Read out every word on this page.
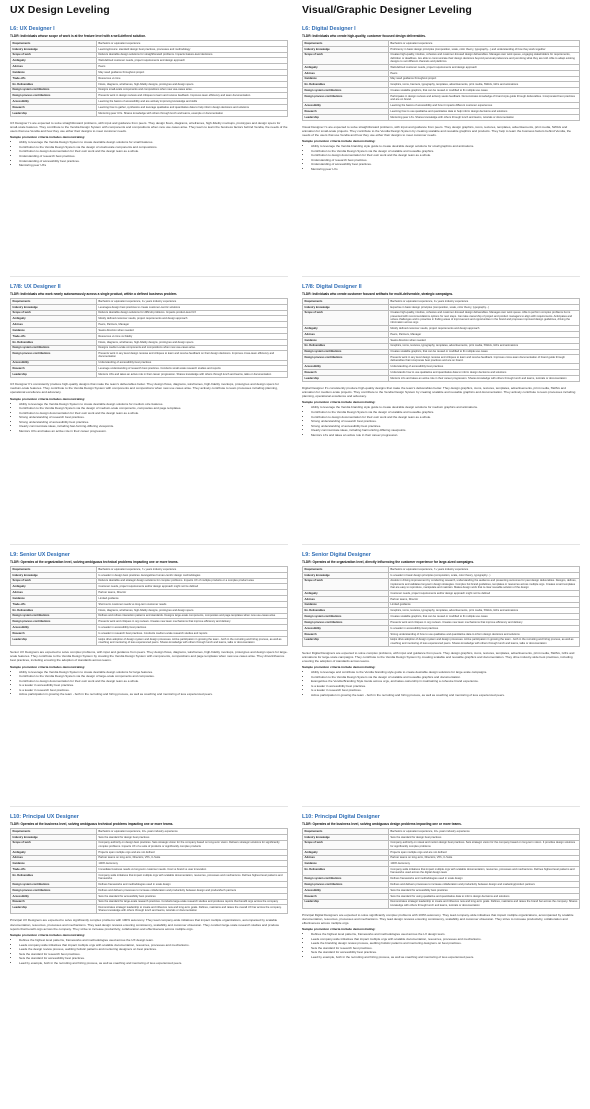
UX Design Leveling
L6: UX Designer I
TLDR: Individuals whose scope of work is at the feature level with a well-defined solution.
Requirements	Bachelors or equivalent experience
Industry knowledge	Learning/novice: standard design best practices, processes and methodology
Scope of work	Delivers desirable design solutions for straightforward problems. Impacts feature-level decisions.
Ambiguity	Well-defined customer needs, project requirements and design approach
Advises	Peers
Guidance	May need guidance throughout project
Trade-offs	Resources vs time
Ex. Deliverables	Flows, diagrams, wireframes, high-fidelity designs, prototypes and design specs.
Design system contributions	Designs small-scale components and compositions when new use-cases arise.
Design process contributions	Presents work in design reviews and critiques to learn and receive feedback. Improves team efficiency and team documentation.
Accessibility	Learning the basics of accessibility and are actively improving knowledge and skills
Research	Learning how to gather, synthesize and leverage qualitative and quantitative data to help inform design decisions and solutions
Leadership	Mentoring peer UXs. Shares knowledge with others through lunch and learns, example or documentation
UX Designer I's are expected to solve straightforward problems, with input and guidance from peers. They design flows, diagrams, wireframes, high-fidelity mockups, prototypes and design specs for small-scale features. They contribute to the Vendia Design System with components and compositions when new use cases arise. They learn to learn the business factors behind Vendia, the needs of the users that use Vendia and how they use either their designs to meet customer needs.
Sample promotion criteria includes demonstrating:
• Ability to leverage the Vendia Design System to create desirable design solutions for small features.
• Contribution to the Vendia Design System via the design of small-scale components and compositions.
• Contribution to design documentation for their own work and the design team as a whole.
• Understanding of research best practices.
• Understanding of accessibility best practices.
• Mentoring peer UXs
L7/8: UX Designer II
TLDR: Individuals who work nearly autonomously across a single product, within a defined business problem.
Requirements	Bachelors or equivalent experience, 3+ years industry experience
Industry knowledge	Leverages design best practices to create customer-centric solutions
Scope of work	Delivers desirable design solutions for difficult problems. Impacts product-level UX
Ambiguity	Mostly defined customer needs, project requirements and design approach
Advises	Peers, Partners, Manager
Guidance	Seeks direction when needed
Trade-offs	Resources vs time vs fidelity
Ex. Deliverables	Flows, diagrams, wireframes, high-fidelity designs, prototypes and design specs.
Design system contributions	Designs medium-scale components and compositions when new use-cases arise.
Design process contributions	Presents work in any level design reviews and critiques to learn and receive feedback on their design decisions. Improves cross-team efficiency and documentation
Accessibility	Understanding of accessibility best practices
Research	Leverage understanding of research best practices. Conducts small-scale research studies and reports
Leadership	Mentors UXs and takes an active role in their career progression. Shares knowledge with others through lunch and learns, talks or documentation
UX Designer II's consistently produce high-quality designs that make the team's deliverables better. They design flows, diagrams, wireframes, high-fidelity mockups, prototypes and design specs for medium-scale features. They contribute to the Vendia Design System with components and compositions when new use cases arise. They actively contribute to team processes including planning, operational excellence and advocacy.
Sample promotion criteria includes demonstrating:
• Ability to leverage the Vendia Design System to create desirable design solutions for medium size features.
• Contribution to the Vendia Design System via the design of medium-scale components, composites and page templates.
• Contribution to design documentation for their own work and the design team as a whole.
• Strong understanding of research best practices.
• Strong understanding of accessibility best practices.
• Clearly communicate ideas, including fast-forming-differing viewpoints.
• Mentors UXs and takes an active role in their career progression.
L9: Senior UX Designer
TLDR: Operates at the organization level, solving ambiguous technical problems impacting one or more teams.
Requirements	Bachelors or equivalent experience, 7+ years industry experience
Industry knowledge	Is a leader in design best practices. Evangelizes human-centric design methodologies
Scope of work	Delivers desirable and strategic design solutions for complex problems. Impacts UX of multiple products or a complex product area
Ambiguity	Customer needs, project requirements and/or design approach might not be defined
Advises	Partner teams, Director
Guidance	Limited guidance
Trade-offs	Short-term customer needs vs long-term customer needs
Ex. Deliverables	Flows, diagrams, wireframes, high-fidelity designs, prototypes and design specs.
Design system contributions	Defines and refines interaction patterns and standards. Designs large-scale components, composites and page templates when new use-cases arise
Design process contributions	Presents work and critiques in org reviews. Creates new team mechanisms that improve efficiency and delivery
Accessibility	Is a leader in accessibility best practices
Research	Is a leader in research best practices. Conducts medium-scale research studies and reports
Leadership	Helps drive adoption of design system and design processes. Active participation in growing the team - both in the recruiting and hiring process, as well as coaching and mentoring of less experienced peers. Shares knowledge with others through lunch and learns, talks or documentation
Senior UX Designers are expected to solve complex problems, with input and guidance from peers. They design flows, diagrams, wireframes, high-fidelity mockups, prototypes and design specs for large-scale features. They contribute to the Vendia Design System by creating the Vendia Design System with components, compositions and page templates when new use cases arise. They drive/influence best practices, including ensuring the adoption of standards across teams.
Sample promotion criteria includes demonstrating:
• Ability to leverage the Vendia Design System to create desirable design solutions for large features.
• Contribution to the Vendia Design System via the design of large-scale components and composites.
• Contribution to design documentation for their own work and the design team as a whole.
• Is a leader in accessibility best practices.
• Is a leader in research best practices.
• Active participation in growing the team - both in the recruiting and hiring process, as well as coaching and mentoring of less experienced peers.
L10: Principal UX Designer
TLDR: Operates at the business level, solving ambiguous technical problems impacting one or more teams.
Requirements	Bachelors or equivalent experience, 10+ years industry experience
Industry knowledge	Sets the standard for design best practices
Scope of work	Company authority on design best practices. Sets strategic vision for the company based on long-term vision. Delivers strategic solutions for significantly complex problems. Impacts UX of a suite of products or significantly complex products
Ambiguity	Projects span multiple orgs and are not defined
Advises	Partner teams on long-term, Directors, VPs, C-Suite
Guidance	100% Autonomy
Trade-offs	Immediate business needs vs long-term customer needs. Cost vs brand vs user innovation
Ex. Deliverables	Company-wide initiatives that impact multiple orgs with scalable documentation, resources, processes and mechanisms. Defines highest level patterns and frameworks
Design system contributions	Defines frameworks and methodologies used in scale design
Design process contributions	Defines and delivers processes to increase collaboration and productivity between design and product/tech partners
Accessibility	Sets the standard for accessibility best practices
Research	Sets the standard for large-scale research practices. Conducts large-scale research studies and produces reports that benefit orgs across the company
Leadership	Demonstrates strategic leadership to create and influence new and long-term goals. Defines, maintains and raises the overall UX bar across the company. Shares knowledge with others through lunch and learns, tutorials or documentation
Principal UX Designers are expected to solve significantly complex problems with 100% autonomy. They lead company-wide initiatives that impact multiple organizations, accompanied by scalable documentation, resources, processes and mechanisms. They lead design reviews ensuring consistency, scalability and customer obsession. They conduct large-scale research studies and produce reports that benefit orgs across the company. They strive to increase productivity, collaboration and effectiveness across multiple orgs.
Sample promotion criteria includes demonstrating:
• Defines the highest level patterns, frameworks and methodologies used across the UX design team.
• Leads company-wide initiatives that impact multiple orgs with scalable documentation, resources, processes and mechanisms.
• Leads the design review process, auditing holistic patterns and mentoring designers on best practices.
• Sets the standard for research best practices.
• Sets the standard for accessibility best practices.
• Lead by example, both in the recruiting and hiring process, as well as coaching and mentoring of less experienced peers.
Visual/Graphic Designer Leveling
L6: Digital Designer I
TLDR: Individuals who create high-quality, customer focused design deliverables.
Requirements	Bachelors or equivalent experience
Industry knowledge	Proficiency in basic design principles (composition, scale, color theory, typography...) and understanding of how they work together
Scope of work	Creates high-quality, intuitive, cohesive and customer-focused design deliverables. Manages own work queue, engaging stakeholders for requirements, definition or deadlines. Are able to communicate their design decisions beyond personal preference and just doing what they are told. Able to adapt existing designs to suit different channels and platforms.
Ambiguity	Well-defined customer needs, project requirements and design approach
Advises	Peers
Guidance	May need guidance throughout project
Ex. Deliverables	Graphics, icons, banners, typography, templates, advertisements, print media, SWAG, GIFs and animations
Design system contributions	Creates scalable graphics, that can be reused or modified to fit multiple use cases
Design process contributions	Participates in design reviews and actively seeks feedback. Demonstrates knowledge of brand style guide through deliverables. Incorporated best practices and are on brand.
Accessibility	Learning the basics of accessibility and how it impacts different customer experiences
Research	Learning how to use qualitative and quantitative data to help inform design decisions and solutions
Leadership	Mentoring peer LXs. Shares knowledge with others through lunch and learns, tutorials or documentation
Visual Designer I's are expected to solve straightforward problems, with input and guidance from peers. They design graphics, icons, textures, templates, advertisements, print media, SWAG and animation for small-scale projects. They contribute to the Vendia Design System by creating scalable and reusable graphics and products. They help to learn the business factors behind Vendia, the needs of the users that use Vendia and how they use either their designs to meet customer needs.
Sample promotion criteria include demonstrating:
• Ability to leverage the Vendia branding style guide to create desirable design solutions for small graphics and animations.
• Contribution to the Vendia Design System via the design of scalable and reusable graphics.
• Contribution to design documentation for their own work and the design team as a whole.
• Understanding of research best practices.
• Understanding of accessibility best practices.
• Mentoring peer LXs
L7/8: Digital Designer II
TLDR: Individuals who create customer focused artifacts for multi-deliverable, strategic campaigns.
Requirements	Bachelors or equivalent experience, 3+ years industry experience
Industry knowledge	Expertise in basic design principles (composition, scale, color theory, typography...)
Scope of work	Creates high-quality, intuitive, cohesive and customer-focused design deliverables. Manages own work queue. Able to perform complex problems but is presented with recommendations options for next steps. Can take ownership of project and product managers to align with requirements. Anticipates and solves challenges and is proactive in finding areas of improvement and opportunities in the brand and proposes improved design guidelines, driving the information across orgs
Ambiguity	Mostly defined customer needs, project requirements and design approach
Advises	Peers, Partners, Manager
Guidance	Seeks direction when needed
Ex. Deliverables	Graphics, icons, textures, typography, templates, advertisements, print media, SWAG, GIFs and animations
Design system contributions	Creates scalable graphics, that can be reused or modified to fit multiple use cases
Design process contributions	Presents work in any level design reviews and critiques to learn and receive feedback. Improves cross-team documentation of brand guide through deliverables that incorporate best practices and are on brand.
Accessibility	Understanding of accessibility best practices
Research	Understands how to use qualitative and quantitative data to inform design decisions and solutions
Leadership	Mentors LXs and takes an active role in their career progression. Shares knowledge with others through lunch and learns, tutorials or documentation
Digital Designer II's consistently produce high-quality designs that make the team's deliverables better. They design graphics, icons, textures, templates, advertisements, print media, SWAG and animation for medium-scale projects. They contribute to the Vendia Design System by creating scalable and reusable graphics and documentation. They actively contribute to team processes including planning, operational excellence and advocacy.
Sample promotion criteria include demonstrating:
• Ability to leverage the Vendia branding style guide to create desirable design solutions for medium graphics and animations.
• Contribution to the Vendia Design System via the design of scalable and reusable graphics.
• Contribution to design documentation for their own work and the design team as a whole.
• Strong understanding of research best practices.
• Strong understanding of accessibility best practices.
• Clearly communicate ideas, including harmonizing differing viewpoints.
• Mentors LXs and takes an active role in their career progression.
L9: Senior Digital Designer
TLDR: Operates at the organization level, directly influencing the customer experience for large-sized campaigns.
Requirements	Bachelors or equivalent experience, 7+ years industry experience
Industry knowledge	Is a leader in basic design principles (composition, scale, color theory, typography...)
Scope of work	Assists in driving improvement by conducting research, understanding the audience and presenting outcomes for past design deliverables. Designs, defines, implements and validates long-term design strategies. Complex but brand guidelines, templates or resources across multiple orgs. Creates smart templates that are easy to reproduce, manipulate and maintain. Makes design work that is clear reusable solution of the design
Ambiguity	Customer needs, project requirements and/or design approach might not be defined
Advises	Partner teams, Director
Guidance	Limited guidance
Ex. Deliverables	Graphics, icons, textures, typography, templates, advertisements, print media, SWAG, GIFs and animations
Design system contributions	Creates scalable graphics, that can be reused or modified to fit multiple use cases
Design process contributions	Presents work and critiques in org reviews. Creates new team mechanisms that improve efficiency and delivery
Accessibility	Is a leader in accessibility best practices
Research	Strong understanding of how to use qualitative and quantitative data to inform design decisions and solutions
Leadership	Helps drive adoption of design system and design processes. Active participation in growing the team - both in the recruiting and hiring process, as well as coaching and mentoring of less experienced peers. Shares knowledge with others through lunch and learns, talks or documentation
Senior Digital Designers are expected to solve complex problems, with input and guidance from peers. They design graphics, icons, textures, templates, advertisements, print media, SWAG, GIFs and animations for large-scale campaigns. They contribute to the Vendia Design System by creating scalable and reusable graphics and documentation. They drive industry-wide best practices, including ensuring the adoption of standards across teams.
Sample promotion criteria include demonstrating:
• Ability to leverage and contribute to the Vendia branding style guide to create desirable design solutions for large-scale campaigns.
• Contribution to the Vendia Design System via the design of scalable and reusable graphics and documentation.
• Evangelizes the Vendia Branding Style Guide across orgs, and takes ownership in maintaining a cohesive brand experience.
• Is a leader in accessibility best practices.
• Is a leader in research best practices.
• Active participation in growing the team - both in the recruiting and hiring process, as well as coaching and mentoring of less experienced peers.
L10: Principal Digital Designer
TLDR: Operates at the business level, solving ambiguous design problems impacting one or more teams.
Requirements	Bachelors or equivalent experience, 10+ years industry experience
Industry knowledge	Sets the standard for design best practices
Scope of work	Company authority on visual and motion design best practices. Sets strategic vision for the company based on long-term vision. It provides design solutions for significantly complex problems
Ambiguity	Projects span multiple orgs and are not defined
Advises	Partner teams on long-term, Directors, VPs, C-Suite
Guidance	100% Autonomy
Ex. Deliverables	Company-wide initiatives that impact multiple orgs with scalable documentation, resources, processes and mechanisms. Defines highest level patterns and frameworks used across the digital design team
Design system contributions	Defines frameworks and methodologies used in scale design
Design process contributions	Defines and delivers processes to increase collaboration and productivity between design and marketing/product partners
Accessibility	Sets the standard for accessibility best practices
Research	Sets the standard for using qualitative and quantitative data to inform design decisions and solutions
Leadership	Demonstrates strategic leadership to create and influence new and long-term goals. Defines, maintains and raises the brand bar across the company. Shares knowledge with others through lunch and learns, tutorials or documentation
Principal Digital Designers are expected to solve significantly complex problems with 100% autonomy. They lead company-wide initiatives that impact multiple organizations, accompanied by scalable documentation, resources, processes and mechanisms. They lead design reviews ensuring consistency, scalability and customer obsession. They strive to increase productivity, collaboration and effectiveness across multiple orgs.
Sample promotion criteria include demonstrating:
• Defines the highest level patterns, frameworks and methodologies used across the LX design team.
• Leads company-wide initiatives that impact multiple orgs with scalable documentation, resources, processes and mechanisms.
• Leads the branding design review process, auditing holistic patterns and mentoring designers on best practices.
• Sets the standard for research best practices.
• Sets the standard for accessibility best practices.
• Lead by example, both in the recruiting and hiring process, as well as coaching and mentoring of less experienced peers.
